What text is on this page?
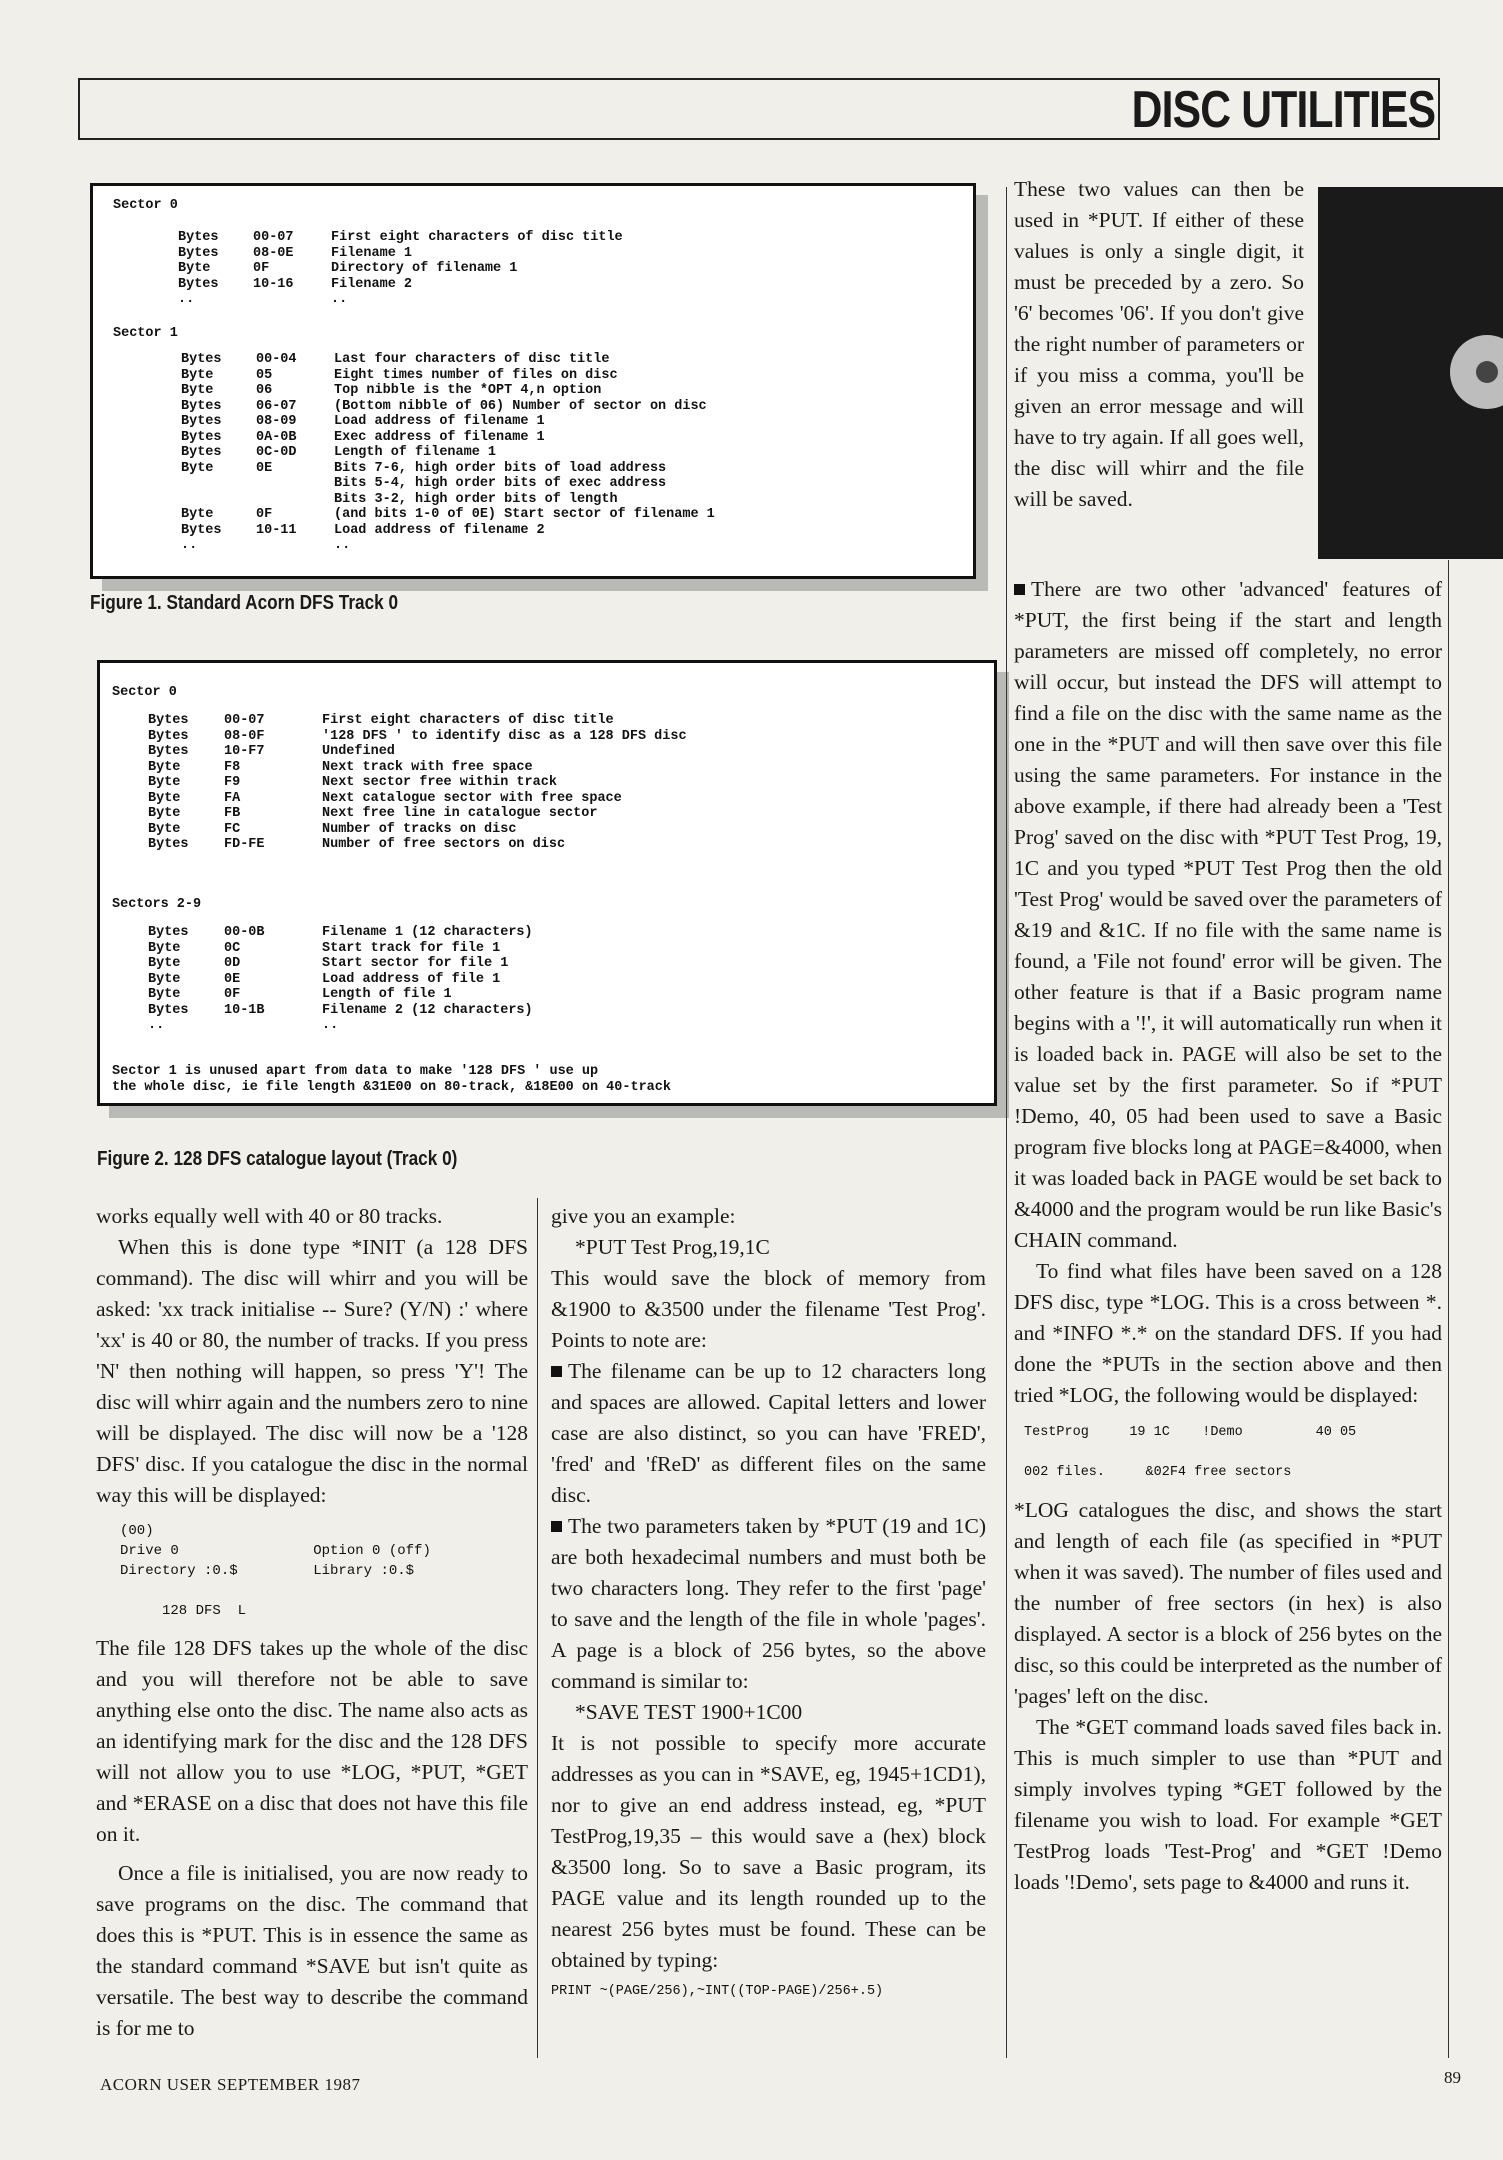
DISC UTILITIES
Sector 0
Bytes	00-07	First eight characters of disc title
Bytes	08-0E	Filename 1
Byte	0F	Directory of filename 1
Bytes	10-16	Filename 2
..	..
Sector 1
Bytes	00-04	Last four characters of disc title
Byte	05	Eight times number of files on disc
Byte	06	Top nibble is the *OPT 4,n option
Bytes	06-07	(Bottom nibble of 06) Number of sector on disc
Bytes	08-09	Load address of filename 1
Bytes	0A-0B	Exec address of filename 1
Bytes	0C-0D	Length of filename 1
Byte	0E	Bits 7-6, high order bits of load address
Bits 5-4, high order bits of exec address
Bits 3-2, high order bits of length
Byte	0F	(and bits 1-0 of 0E) Start sector of filename 1
Bytes	10-11	Load address of filename 2
..	..
Figure 1. Standard Acorn DFS Track 0
Sector 0
Bytes	00-07	First eight characters of disc title
Bytes	08-0F	'128 DFS ' to identify disc as a 128 DFS disc
Bytes	10-F7	Undefined
Byte	F8	Next track with free space
Byte	F9	Next sector free within track
Byte	FA	Next catalogue sector with free space
Byte	FB	Next free line in catalogue sector
Byte	FC	Number of tracks on disc
Bytes	FD-FE	Number of free sectors on disc
Sectors 2-9
Bytes	00-0B	Filename 1 (12 characters)
Byte	0C	Start track for file 1
Byte	0D	Start sector for file 1
Byte	0E	Load address of file 1
Byte	0F	Length of file 1
Bytes	10-1B	Filename 2 (12 characters)
..	..
Sector 1 is unused apart from data to make '128 DFS ' use up
the whole disc, ie file length &31E00 on 80-track, &18E00 on 40-track
Figure 2. 128 DFS catalogue layout (Track 0)

works equally well with 40 or 80 tracks.

When this is done type *INIT (a 128 DFS command). The disc will whirr and you will be asked: 'xx track initialise -- Sure? (Y/N) :' where 'xx' is 40 or 80, the number of tracks. If you press 'N' then nothing will happen, so press 'Y'! The disc will whirr again and the numbers zero to nine will be displayed. The disc will now be a '128 DFS' disc. If you catalogue the disc in the normal way this will be displayed:

(00)
Drive 0                Option 0 (off)
Directory :0.$         Library :0.$

128 DFS  L

The file 128 DFS takes up the whole of the disc and you will therefore not be able to save anything else onto the disc. The name also acts as an identifying mark for the disc and the 128 DFS will not allow you to use *LOG, *PUT, *GET and *ERASE on a disc that does not have this file on it.

Once a file is initialised, you are now ready to save programs on the disc. The command that does this is *PUT. This is in essence the same as the standard command *SAVE but isn't quite as versatile. The best way to describe the command is for me to

give you an example:

*PUT Test Prog,19,1C

This would save the block of memory from &1900 to &3500 under the filename 'Test Prog'. Points to note are:

The filename can be up to 12 characters long and spaces are allowed. Capital letters and lower case are also distinct, so you can have 'FRED', 'fred' and 'fReD' as different files on the same disc.

The two parameters taken by *PUT (19 and 1C) are both hexadecimal numbers and must both be two characters long. They refer to the first 'page' to save and the length of the file in whole 'pages'. A page is a block of 256 bytes, so the above command is similar to:

*SAVE TEST 1900+1C00

It is not possible to specify more accurate addresses as you can in *SAVE, eg, 1945+1CD1), nor to give an end address instead, eg, *PUT TestProg,19,35 – this would save a (hex) block &3500 long. So to save a Basic program, its PAGE value and its length rounded up to the nearest 256 bytes must be found. These can be obtained by typing:

PRINT ~(PAGE/256),~INT((TOP-PAGE)/256+.5)

These two values can then be used in *PUT. If either of these values is only a single digit, it must be preceded by a zero. So '6' becomes '06'. If you don't give the right number of parameters or if you miss a comma, you'll be given an error message and will have to try again. If all goes well, the disc will whirr and the file will be saved.

There are two other 'advanced' features of *PUT, the first being if the start and length parameters are missed off completely, no error will occur, but instead the DFS will attempt to find a file on the disc with the same name as the one in the *PUT and will then save over this file using the same parameters. For instance in the above example, if there had already been a 'Test Prog' saved on the disc with *PUT Test Prog, 19, 1C and you typed *PUT Test Prog then the old 'Test Prog' would be saved over the parameters of &19 and &1C. If no file with the same name is found, a 'File not found' error will be given. The other feature is that if a Basic program name begins with a '!', it will automatically run when it is loaded back in. PAGE will also be set to the value set by the first parameter. So if *PUT !Demo, 40, 05 had been used to save a Basic program five blocks long at PAGE=&4000, when it was loaded back in PAGE would be set back to &4000 and the program would be run like Basic's CHAIN command.

To find what files have been saved on a 128 DFS disc, type *LOG. This is a cross between *. and *INFO *.* on the standard DFS. If you had done the *PUTs in the section above and then tried *LOG, the following would be displayed:

TestProg     19 1C    !Demo         40 05

002 files.     &02F4 free sectors

*LOG catalogues the disc, and shows the start and length of each file (as specified in *PUT when it was saved). The number of files used and the number of free sectors (in hex) is also displayed. A sector is a block of 256 bytes on the disc, so this could be interpreted as the number of 'pages' left on the disc.

The *GET command loads saved files back in. This is much simpler to use than *PUT and simply involves typing *GET followed by the filename you wish to load. For example *GET TestProg loads 'Test-Prog' and *GET !Demo loads '!Demo', sets page to &4000 and runs it.

ACORN USER SEPTEMBER 1987	89
